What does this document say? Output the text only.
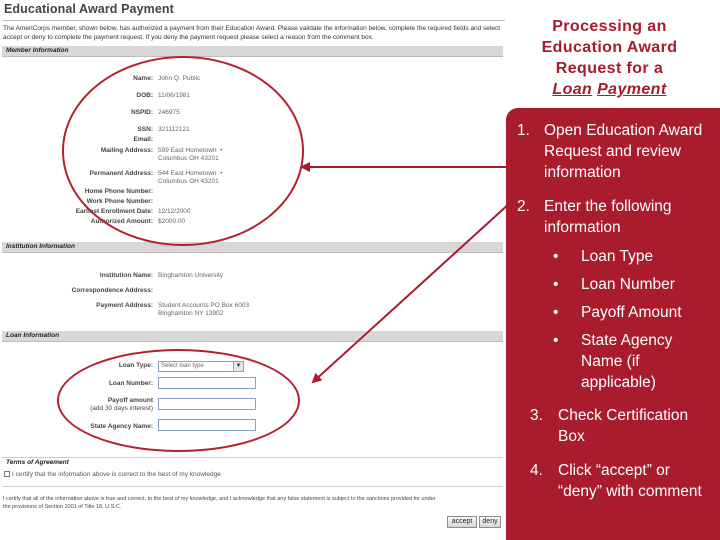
Educational Award Payment
The AmeriCorps member, shown below, has authorized a payment from their Education Award. Please validate the information below, complete the required fields and select accept or deny to complete the payment request. If you deny the payment request please select a reason from the comment box.
Member Information
Name: John Q. Public
DOB: 11/06/1981
NSPID: 246975
SSN: 321112121
Email:
Mailing Address: 599 East Hometown  •
Columbus OH 43201
Permanent Address: 544 East Hometown  •
Columbus OH 43201
Home Phone Number:
Work Phone Number:
Earliest Enrollment Date: 12/12/2000
Authorized Amount: $2000.00
Institution Information
Institution Name: Binghamton University
Correspondence Address:
Payment Address: Student Accounts PO Box 6003
Binghamton NY 13902
Loan Information
Loan Type:	Select loan type	▼
Loan Number:
Payoff amount
(add 30 days interest)
State Agency Name:
Terms of Agreement
I certify that the information above is correct to the best of my knowledge
I certify that all of the information above is true and correct, to the best of my knowledge, and I acknowledge that any false statement is subject to the sanctions provided for under the provisions of Section 1001 of Title 18, U.S.C.
accept	deny
Processing an
Education Award
Request for a
Loan Payment
1. Open Education Award Request and review information
2. Enter the following information
• Loan Type
• Loan Number
• Payoff Amount
• State Agency Name (if applicable)
3. Check Certification Box
4. Click “accept” or “deny” with comment
